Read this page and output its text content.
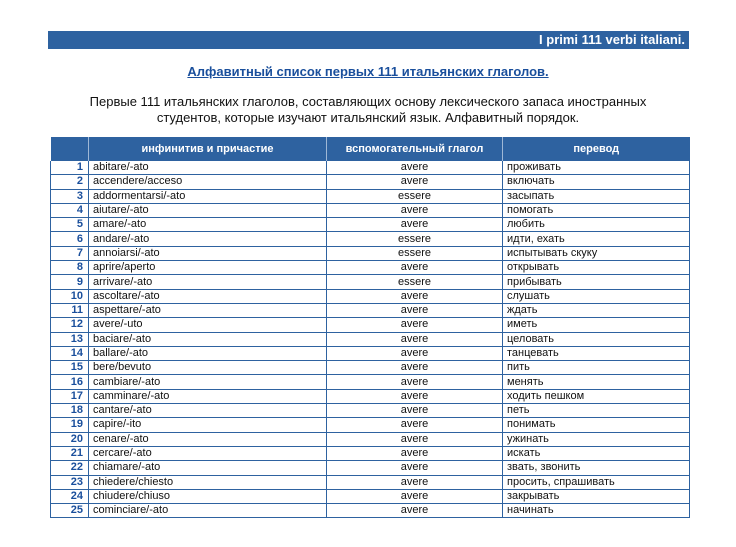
I primi 111 verbi italiani.
Алфавитный список первых 111 итальянских глаголов.
Первые 111 итальянских глаголов, составляющих основу лексического запаса иностранных студентов, которые изучают итальянский язык. Алфавитный порядок.
	инфинитив и причастие	вспомогательный глагол	перевод
1	abitare/-ato	avere	проживать
2	accendere/acceso	avere	включать
3	addormentarsi/-ato	essere	засыпать
4	aiutare/-ato	avere	помогать
5	amare/-ato	avere	любить
6	andare/-ato	essere	идти, ехать
7	annoiarsi/-ato	essere	испытывать скуку
8	aprire/aperto	avere	открывать
9	arrivare/-ato	essere	прибывать
10	ascoltare/-ato	avere	слушать
11	aspettare/-ato	avere	ждать
12	avere/-uto	avere	иметь
13	baciare/-ato	avere	целовать
14	ballare/-ato	avere	танцевать
15	bere/bevuto	avere	пить
16	cambiare/-ato	avere	менять
17	camminare/-ato	avere	ходить пешком
18	cantare/-ato	avere	петь
19	capire/-ito	avere	понимать
20	cenare/-ato	avere	ужинать
21	cercare/-ato	avere	искать
22	chiamare/-ato	avere	звать, звонить
23	chiedere/chiesto	avere	просить, спрашивать
24	chiudere/chiuso	avere	закрывать
25	cominciare/-ato	avere	начинать
